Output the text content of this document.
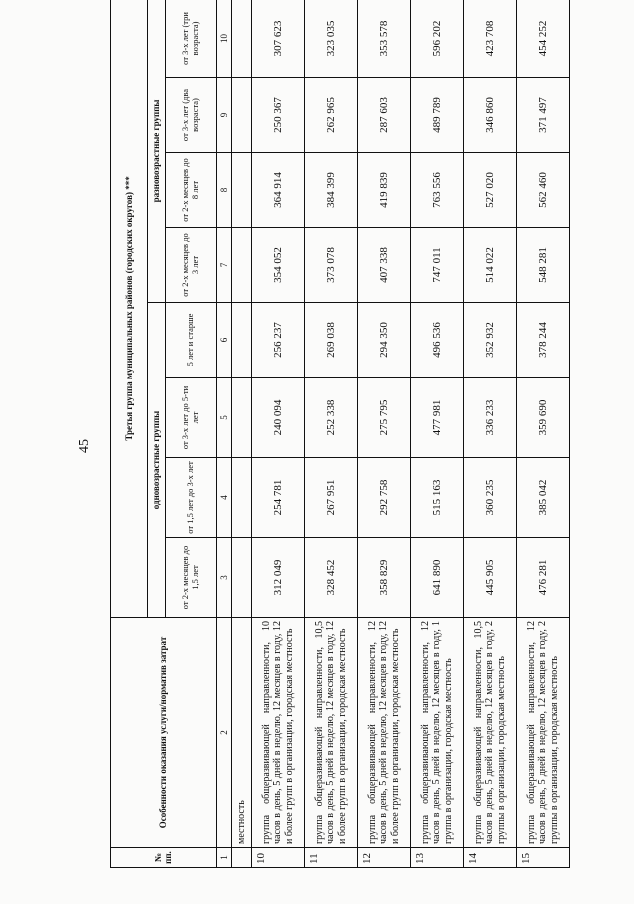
45
№ пп.	Особенности оказания услуги/норматив затрат	Третья группа муниципальных районов (городских округов) ***							
		одновозрастные группы				разновозрастные группы			
		от 2-х месяцев до 1,5 лет	от 1,5 лет до 3-х лет	от 3-х лет до 5-ти лет	5 лет и старше	от 2-х месяцев до 3 лет	от 2-х месяцев до 8 лет	от 3-х лет (два возраста)	от 3-х лет (три возраста)
1	2	3	4	5	6	7	8	9	10
	местность								
10	группа общеразвивающей направленности, 10 часов в день, 5 дней в неделю, 12 месяцев в году, 12 и более групп в организации, городская местность	312 049	254 781	240 094	256 237	354 052	364 914	250 367	307 623
11	группа общеразвивающей направленности, 10,5 часов в день, 5 дней в неделю, 12 месяцев в году, 12 и более групп в организации, городская местность	328 452	267 951	252 338	269 038	373 078	384 399	262 965	323 035
12	группа общеразвивающей направленности, 12 часов в день, 5 дней в неделю, 12 месяцев в году, 12 и более групп в организации, городская местность	358 829	292 758	275 795	294 350	407 338	419 839	287 603	353 578
13	группа общеразвивающей направленности, 12 часов в день, 5 дней в неделю, 12 месяцев в году, 1 группа в организации, городская местность	641 890	515 163	477 981	496 536	747 011	763 556	489 789	596 202
14	группа общеразвивающей направленности, 10,5 часов в день, 5 дней в неделю, 12 месяцев в году, 2 группы в организации, городская местность	445 905	360 235	336 233	352 932	514 022	527 020	346 860	423 708
15	группа общеразвивающей направленности, 12 часов в день, 5 дней в неделю, 12 месяцев в году, 2 группы в организации, городская местность	476 281	385 042	359 690	378 244	548 281	562 460	371 497	454 252
